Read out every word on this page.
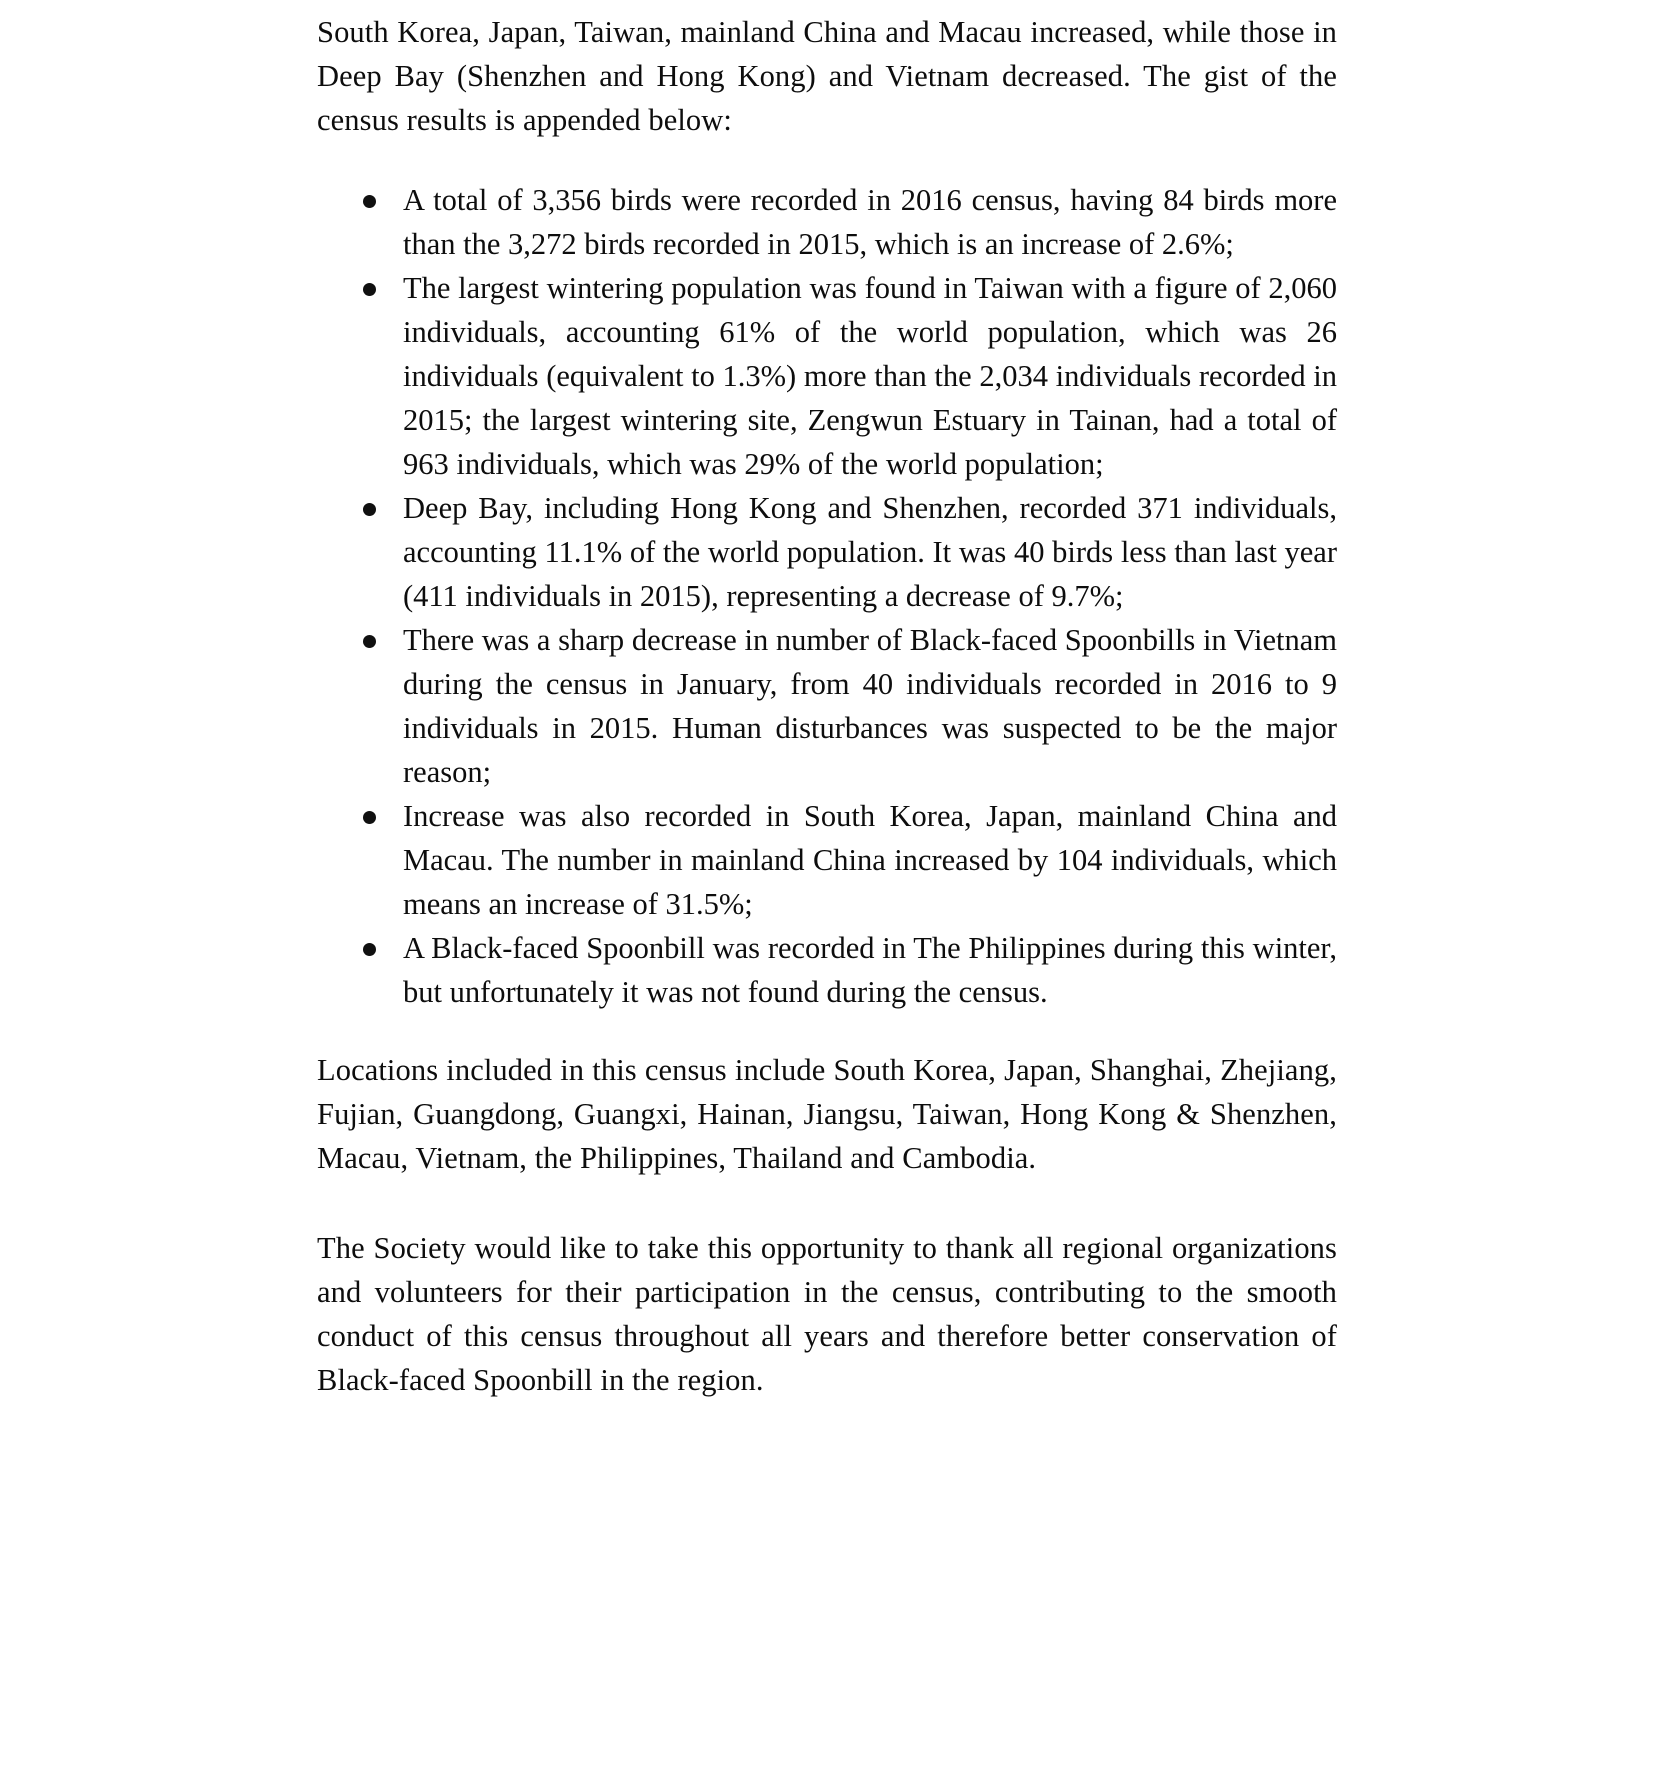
South Korea, Japan, Taiwan, mainland China and Macau increased, while those in Deep Bay (Shenzhen and Hong Kong) and Vietnam decreased. The gist of the census results is appended below:

A total of 3,356 birds were recorded in 2016 census, having 84 birds more than the 3,272 birds recorded in 2015, which is an increase of 2.6%;
The largest wintering population was found in Taiwan with a figure of 2,060 individuals, accounting 61% of the world population, which was 26 individuals (equivalent to 1.3%) more than the 2,034 individuals recorded in 2015; the largest wintering site, Zengwun Estuary in Tainan, had a total of 963 individuals, which was 29% of the world population;
Deep Bay, including Hong Kong and Shenzhen, recorded 371 individuals, accounting 11.1% of the world population. It was 40 birds less than last year (411 individuals in 2015), representing a decrease of 9.7%;
There was a sharp decrease in number of Black-faced Spoonbills in Vietnam during the census in January, from 40 individuals recorded in 2016 to 9 individuals in 2015. Human disturbances was suspected to be the major reason;
Increase was also recorded in South Korea, Japan, mainland China and Macau. The number in mainland China increased by 104 individuals, which means an increase of 31.5%;
A Black-faced Spoonbill was recorded in The Philippines during this winter, but unfortunately it was not found during the census.

Locations included in this census include South Korea, Japan, Shanghai, Zhejiang, Fujian, Guangdong, Guangxi, Hainan, Jiangsu, Taiwan, Hong Kong & Shenzhen, Macau, Vietnam, the Philippines, Thailand and Cambodia.

The Society would like to take this opportunity to thank all regional organizations and volunteers for their participation in the census, contributing to the smooth conduct of this census throughout all years and therefore better conservation of Black-faced Spoonbill in the region.
